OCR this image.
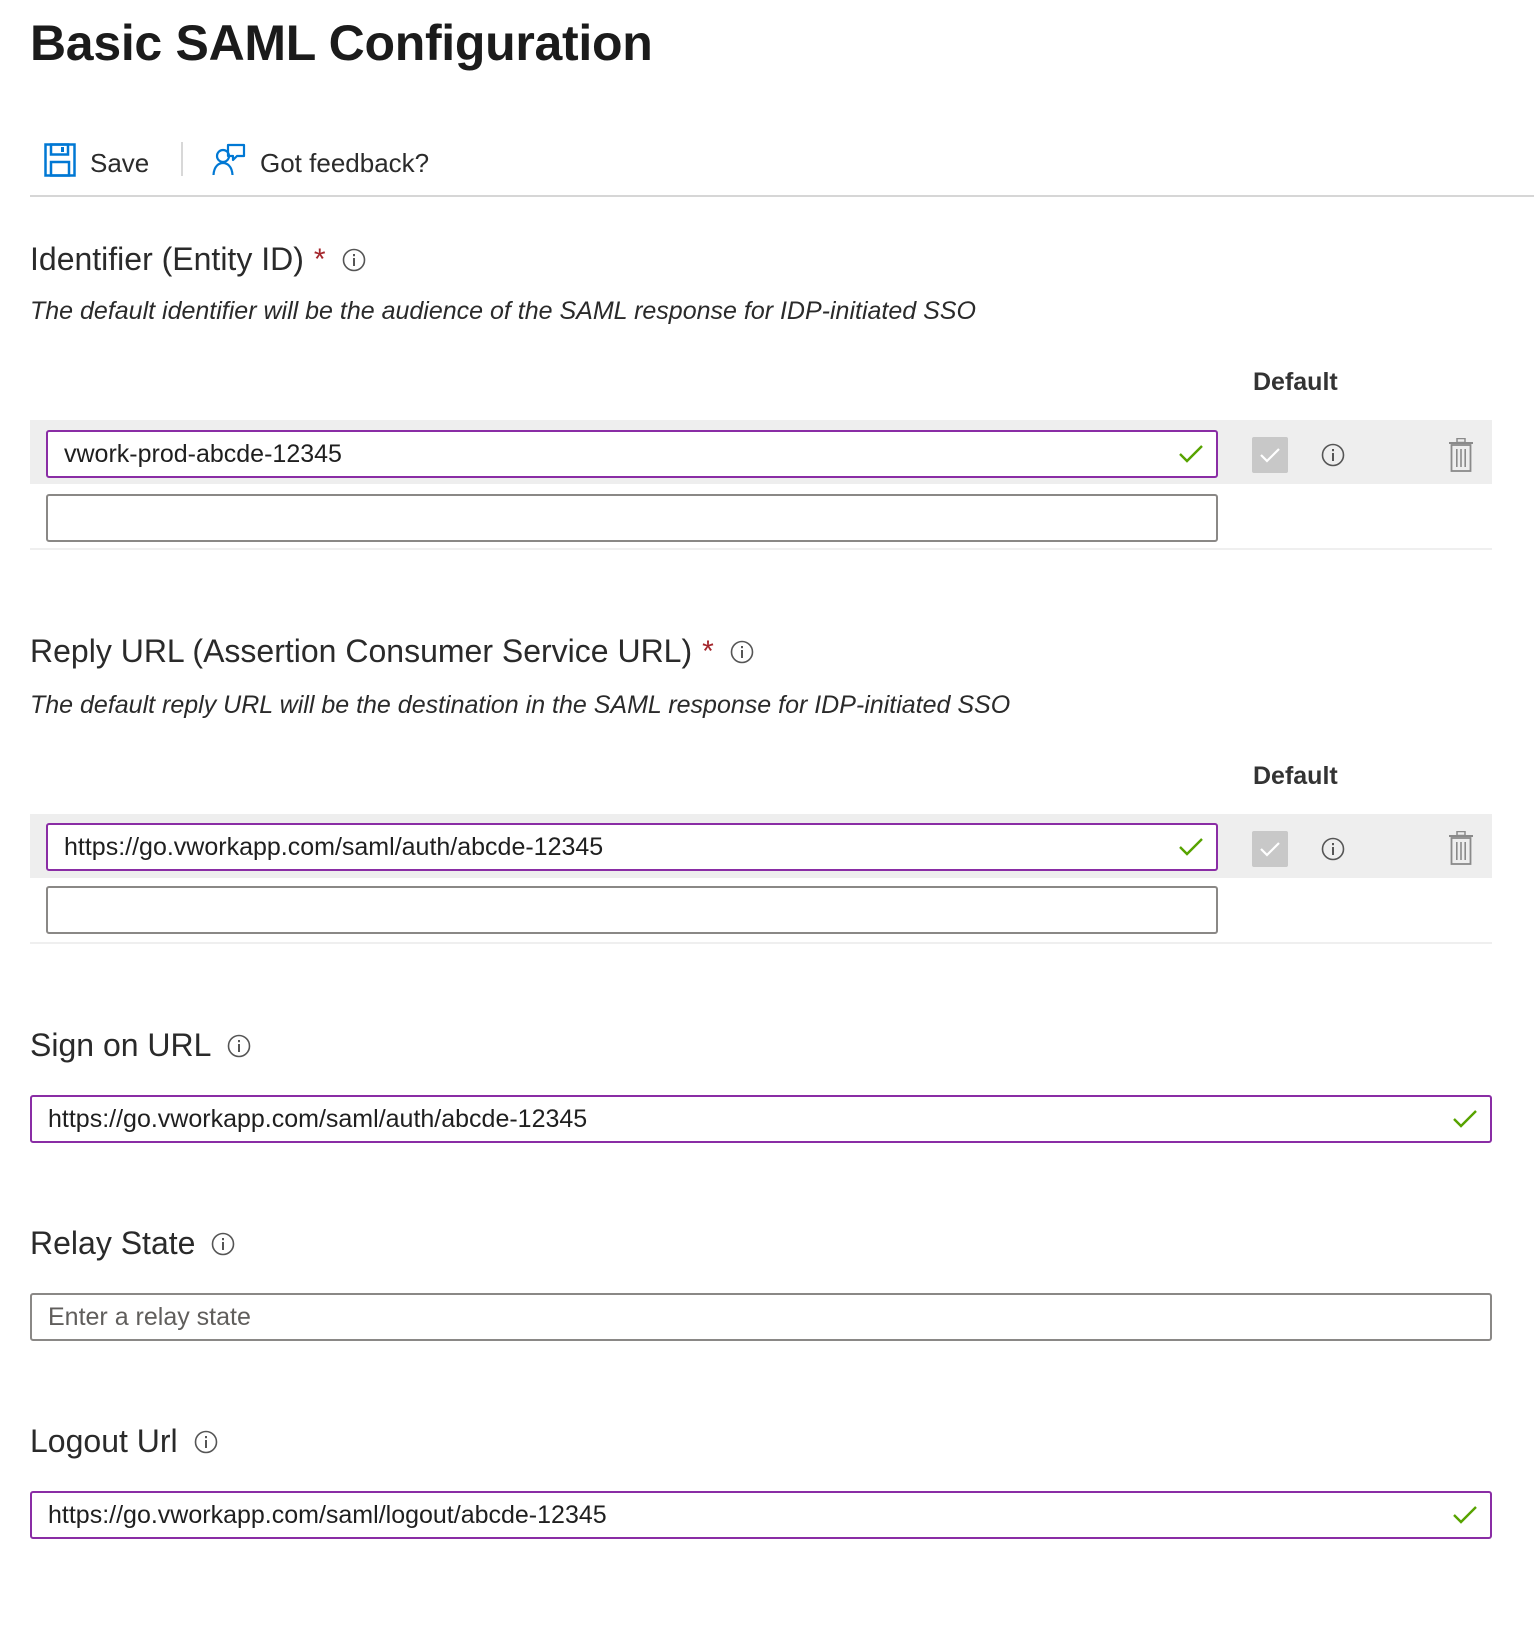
Basic SAML Configuration
Save	Got feedback?
Identifier (Entity ID) *
The default identifier will be the audience of the SAML response for IDP-initiated SSO
Default
vwork-prod-abcde-12345
Reply URL (Assertion Consumer Service URL) *
The default reply URL will be the destination in the SAML response for IDP-initiated SSO
Default
https://go.vworkapp.com/saml/auth/abcde-12345
Sign on URL
https://go.vworkapp.com/saml/auth/abcde-12345
Relay State
Enter a relay state
Logout Url
https://go.vworkapp.com/saml/logout/abcde-12345
